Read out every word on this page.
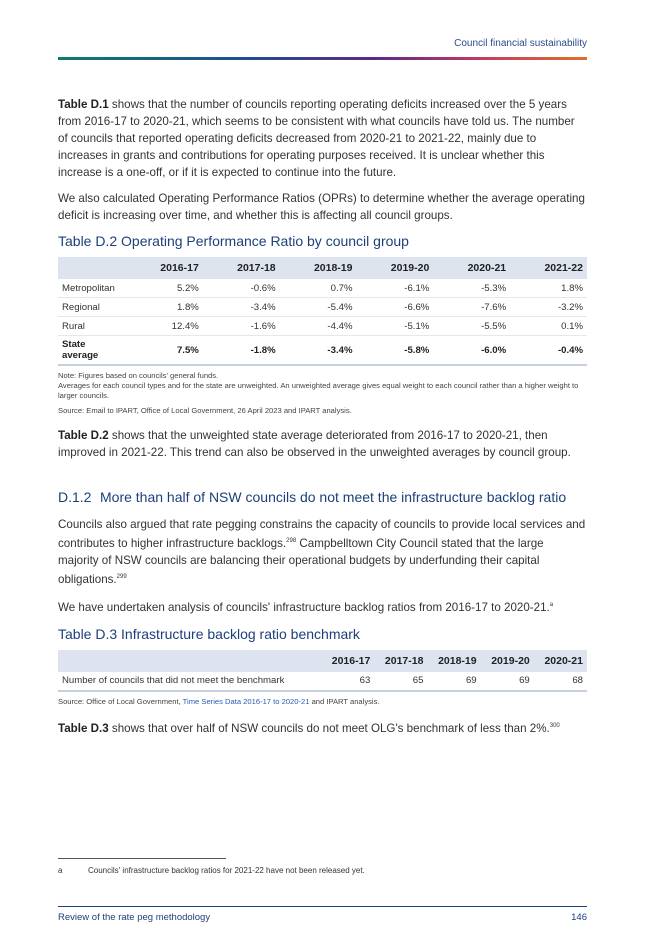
Council financial sustainability

Table D.1 shows that the number of councils reporting operating deficits increased over the 5 years from 2016-17 to 2020-21, which seems to be consistent with what councils have told us. The number of councils that reported operating deficits decreased from 2020-21 to 2021-22, mainly due to increases in grants and contributions for operating purposes received. It is unclear whether this increase is a one-off, or if it is expected to continue into the future.

We also calculated Operating Performance Ratios (OPRs) to determine whether the average operating deficit is increasing over time, and whether this is affecting all council groups.

Table D.2 Operating Performance Ratio by council group
	2016-17	2017-18	2018-19	2019-20	2020-21	2021-22
Metropolitan	5.2%	-0.6%	0.7%	-6.1%	-5.3%	1.8%
Regional	1.8%	-3.4%	-5.4%	-6.6%	-7.6%	-3.2%
Rural	12.4%	-1.6%	-4.4%	-5.1%	-5.5%	0.1%
State average	7.5%	-1.8%	-3.4%	-5.8%	-6.0%	-0.4%

Note: Figures based on councils' general funds.

Averages for each council types and for the state are unweighted. An unweighted average gives equal weight to each council rather than a higher weight to larger councils.

Source: Email to IPART, Office of Local Government, 26 April 2023 and IPART analysis.

Table D.2 shows that the unweighted state average deteriorated from 2016-17 to 2020-21, then improved in 2021-22. This trend can also be observed in the unweighted averages by council group.

D.1.2 More than half of NSW councils do not meet the infrastructure backlog ratio

Councils also argued that rate pegging constrains the capacity of councils to provide local services and contributes to higher infrastructure backlogs.$^{298}$ Campbelltown City Council stated that the large majority of NSW councils are balancing their operational budgets by underfunding their capital obligations.$^{299}$

We have undertaken analysis of councils' infrastructure backlog ratios from 2016-17 to 2020-21.$^a$

Table D.3 Infrastructure backlog ratio benchmark
	2016-17	2017-18	2018-19	2019-20	2020-21
Number of councils that did not meet the benchmark	63	65	69	69	68

Source: Office of Local Government, Time Series Data 2016-17 to 2020-21 and IPART analysis.

Table D.3 shows that over half of NSW councils do not meet OLG's benchmark of less than 2%.$^{300}$

a	Councils' infrastructure backlog ratios for 2021-22 have not been released yet.
Review of the rate peg methodology	146
